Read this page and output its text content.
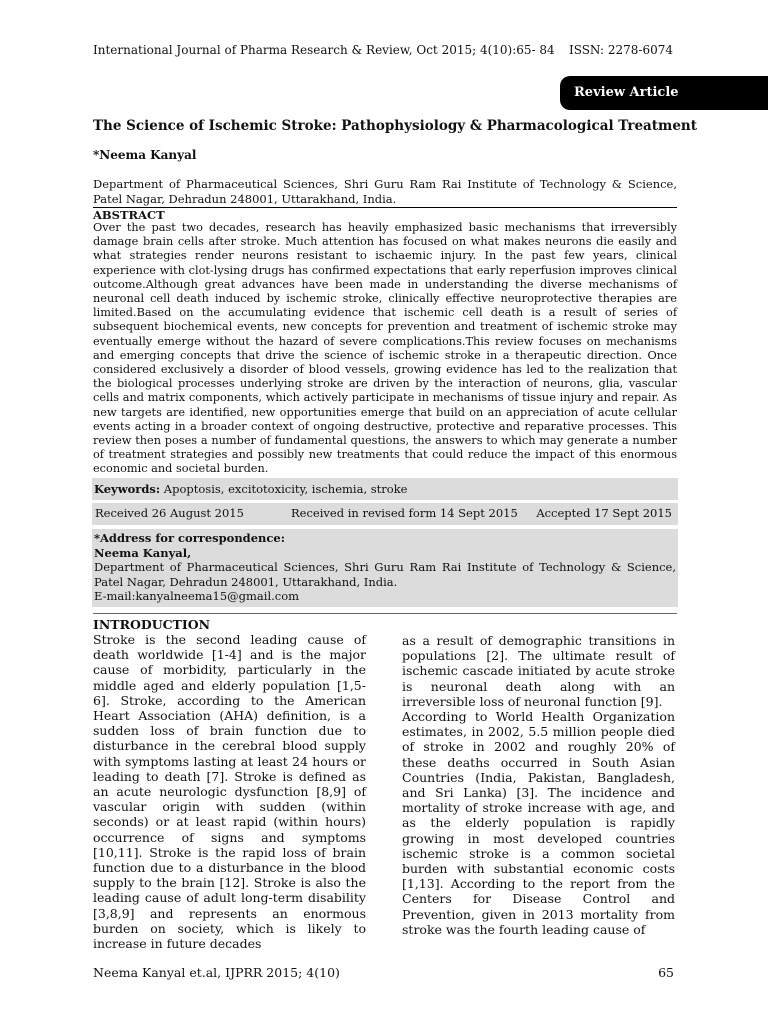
International Journal of Pharma Research & Review, Oct 2015; 4(10):65- 84 ISSN: 2278-6074
Review Article
The Science of Ischemic Stroke: Pathophysiology & Pharmacological Treatment
*Neema Kanyal
Department of Pharmaceutical Sciences, Shri Guru Ram Rai Institute of Technology & Science, Patel Nagar, Dehradun 248001, Uttarakhand, India.
ABSTRACT
Over the past two decades, research has heavily emphasized basic mechanisms that irreversibly damage brain cells after stroke. Much attention has focused on what makes neurons die easily and what strategies render neurons resistant to ischaemic injury. In the past few years, clinical experience with clot-lysing drugs has confirmed expectations that early reperfusion improves clinical outcome.Although great advances have been made in understanding the diverse mechanisms of neuronal cell death induced by ischemic stroke, clinically effective neuroprotective therapies are limited.Based on the accumulating evidence that ischemic cell death is a result of series of subsequent biochemical events, new concepts for prevention and treatment of ischemic stroke may eventually emerge without the hazard of severe complications.This review focuses on mechanisms and emerging concepts that drive the science of ischemic stroke in a therapeutic direction. Once considered exclusively a disorder of blood vessels, growing evidence has led to the realization that the biological processes underlying stroke are driven by the interaction of neurons, glia, vascular cells and matrix components, which actively participate in mechanisms of tissue injury and repair. As new targets are identified, new opportunities emerge that build on an appreciation of acute cellular events acting in a broader context of ongoing destructive, protective and reparative processes. This review then poses a number of fundamental questions, the answers to which may generate a number of treatment strategies and possibly new treatments that could reduce the impact of this enormous economic and societal burden.
Keywords: Apoptosis, excitotoxicity, ischemia, stroke
Received 26 August 2015	Received in revised form 14 Sept 2015 Accepted 17 Sept 2015
*Address for correspondence:
Neema Kanyal,
Department of Pharmaceutical Sciences, Shri Guru Ram Rai Institute of Technology & Science, Patel Nagar, Dehradun 248001, Uttarakhand, India.
E-mail:kanyalneema15@gmail.com
INTRODUCTION
Stroke is the second leading cause of death worldwide [1-4] and is the major cause of morbidity, particularly in the middle aged and elderly population [1,5-6]. Stroke, according to the American Heart Association (AHA) definition, is a sudden loss of brain function due to disturbance in the cerebral blood supply with symptoms lasting at least 24 hours or leading to death [7]. Stroke is defined as an acute neurologic dysfunction [8,9] of vascular origin with sudden (within seconds) or at least rapid (within hours) occurrence of signs and symptoms [10,11]. Stroke is the rapid loss of brain function due to a disturbance in the blood supply to the brain [12]. Stroke is also the leading cause of adult long-term disability [3,8,9] and represents an enormous burden on society, which is likely to increase in future decades

as a result of demographic transitions in populations [2]. The ultimate result of ischemic cascade initiated by acute stroke is neuronal death along with an irreversible loss of neuronal function [9].

According to World Health Organization estimates, in 2002, 5.5 million people died of stroke in 2002 and roughly 20% of these deaths occurred in South Asian Countries (India, Pakistan, Bangladesh, and Sri Lanka) [3]. The incidence and mortality of stroke increase with age, and as the elderly population is rapidly growing in most developed countries ischemic stroke is a common societal burden with substantial economic costs [1,13]. According to the report from the Centers for Disease Control and Prevention, given in 2013 mortality from stroke was the fourth leading cause of

Neema Kanyal et.al, IJPRR 2015; 4(10)	65
